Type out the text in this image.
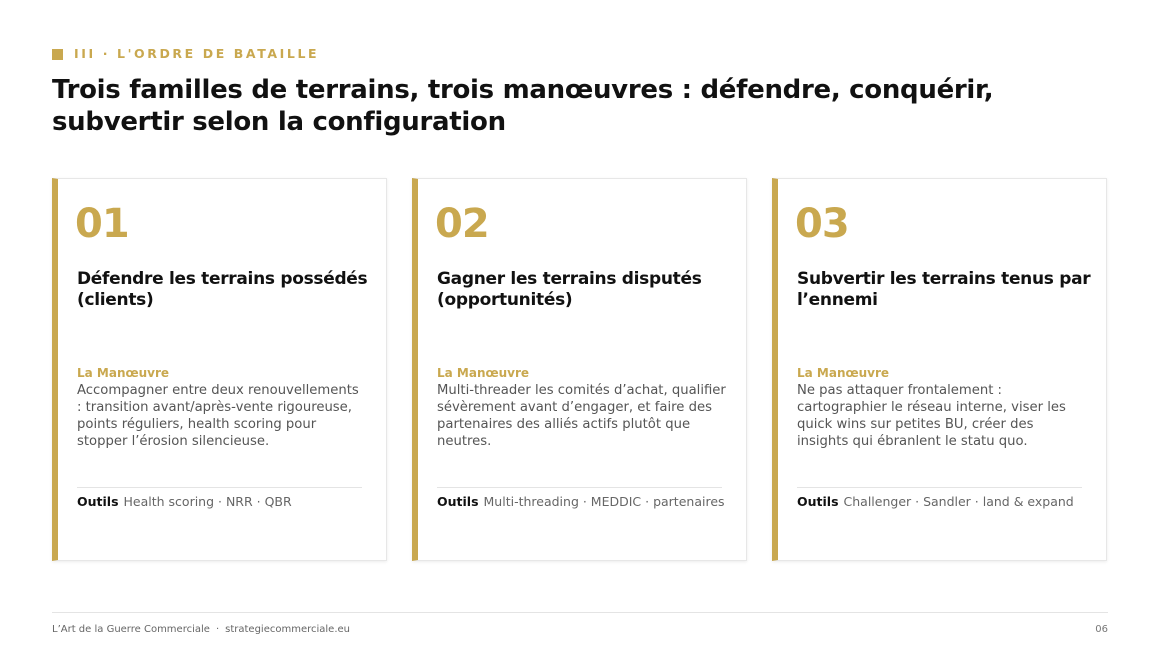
III · L'ORDRE DE BATAILLE
Trois familles de terrains, trois manœuvres : défendre, conquérir, subvertir selon la configuration
01
Défendre les terrains possédés (clients)
La Manœuvre
Accompagner entre deux renouvellements : transition avant/après-vente rigoureuse, points réguliers, health scoring pour stopper l’érosion silencieuse.
Outils Health scoring · NRR · QBR
02
Gagner les terrains disputés (opportunités)
La Manœuvre
Multi-threader les comités d’achat, qualifier sévèrement avant d’engager, et faire des partenaires des alliés actifs plutôt que neutres.
Outils Multi-threading · MEDDIC · partenaires
03
Subvertir les terrains tenus par l’ennemi
La Manœuvre
Ne pas attaquer frontalement : cartographier le réseau interne, viser les quick wins sur petites BU, créer des insights qui ébranlent le statu quo.
Outils Challenger · Sandler · land & expand
L’Art de la Guerre Commerciale · strategiecommerciale.eu	06
